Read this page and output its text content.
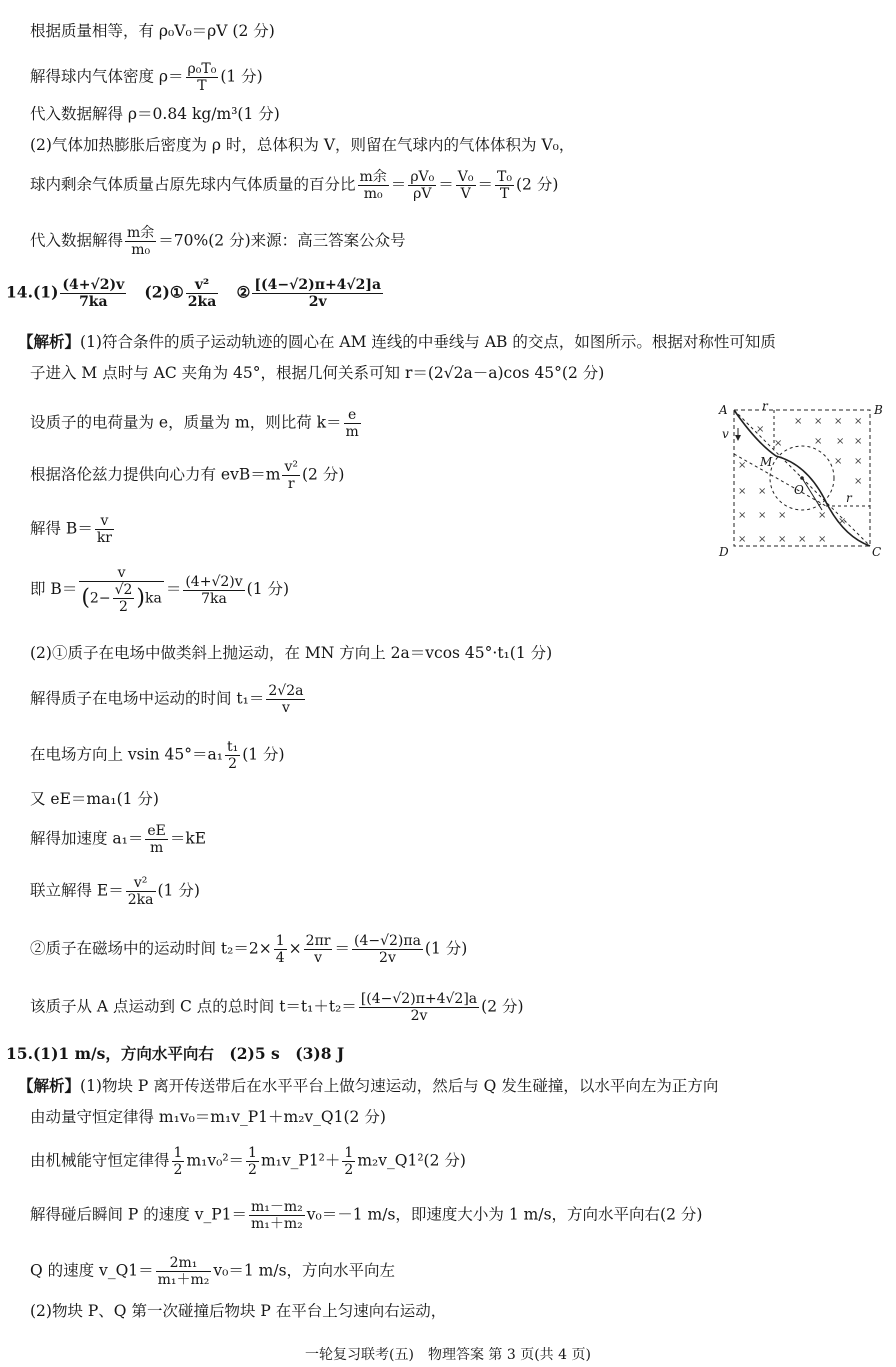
根据质量相等，有 ρ₀V₀＝ρV (2 分)
解得球内气体密度 $\rho= \frac{\text{ρ₀T₀}}{T} (1$ 分)
代入数据解得 ρ＝0.84 kg/m³(1 分)
(2)气体加热膨胀后密度为 ρ 时，总体积为 V，则留在气球内的气体体积为 V₀，
球内剩余气体质量占原先球内气体质量的百分比 $\frac{\text{m余}}{\text{m₀}} = \frac{\text{ρV₀}}{\rho V} = \frac{\text{V₀}}{V} = \frac{\text{T₀}}{T} (2$ 分)
代入数据解得 $\frac{\text{m余}}{\text{m₀}} =70\%(2$ 分)来源：高三答案公众号
$14.(1) \frac{(4+√2)v}{7ka}$ (2)① $\frac{\text{v²}}{2ka}$ ② $\frac{[(4-√2)\pi+4√2]a}{2v}$
【解析】(1)符合条件的质子运动轨迹的圆心在 AM 连线的中垂线与 AB 的交点，如图所示。根据对称性可知质
子进入 M 点时与 AC 夹角为 45°，根据几何关系可知 r＝(2√2a－a)cos 45°(2 分)
设质子的电荷量为 e，质量为 m，则比荷 $k= \frac{e}{m}$
根据洛伦兹力提供向心力有 $evB=m \frac{\text{v²}}{r} (2$ 分)
解得 $B= \frac{v}{kr}$
即 $B= \frac{v}{(2- \frac{√2}{2} )ka} = \frac{(4+√2)v}{7ka} (1$ 分)
(2)①质子在电场中做类斜上抛运动，在 MN 方向上 2a＝vcos 45°·t₁(1 分)
解得质子在电场中运动的时间 $t_1= \frac{2√2a}{v}$
在电场方向上 vsin $45^\circ=a_1 \frac{\text{t₁}}{2} (1$ 分)
又 eE＝ma₁(1 分)
解得加速度 $a_1= \frac{eE}{m} =kE$
联立解得 $E= \frac{\text{v²}}{2ka} (1$ 分)
②质子在磁场中的运动时间 $t_2=2\times \frac{1}{4} \times \frac{2\pi r}{v} = \frac{(4-√2)\pi a}{2v} (1$ 分)
该质子从 A 点运动到 C 点的总时间 $t=t_1+t_2= \frac{[(4-√2)\pi+4√2]a}{2v} (2$ 分)
15.(1)1 m/s，方向水平向右　(2)5 s　(3)8 J
【解析】(1)物块 P 离开传送带后在水平平台上做匀速运动，然后与 Q 发生碰撞，以水平向左为正方向
由动量守恒定律得 m₁v₀＝m₁v_P1＋m₂v_Q1(2 分)
由机械能守恒定律得 $\frac{1}{2} m_1v_0^2= \frac{1}{2}$ m₁v_P1²＋ $\frac{1}{2}$ m₂v_Q1²(2 分)
解得碰后瞬间 P 的速度 v_P1＝ $\frac{\text{m₁－m₂}}{\text{m₁＋m₂}} v_0=-1$ m/s，即速度大小为 1 m/s，方向水平向右(2 分)
Q 的速度 v_Q1＝ $\frac{\text{2m₁}}{\text{m₁＋m₂}} v_0=1$ m/s，方向水平向左
(2)物块 P、Q 第一次碰撞后物块 P 在平台上匀速向右运动，
× × × ×
×
×	× × ×
×	× ×
× ×
×
× × ×	×
×
× × × × ×
A	B
C
D
M
O
r
r
v
一轮复习联考(五)　物理答案 第 3 页(共 4 页)
